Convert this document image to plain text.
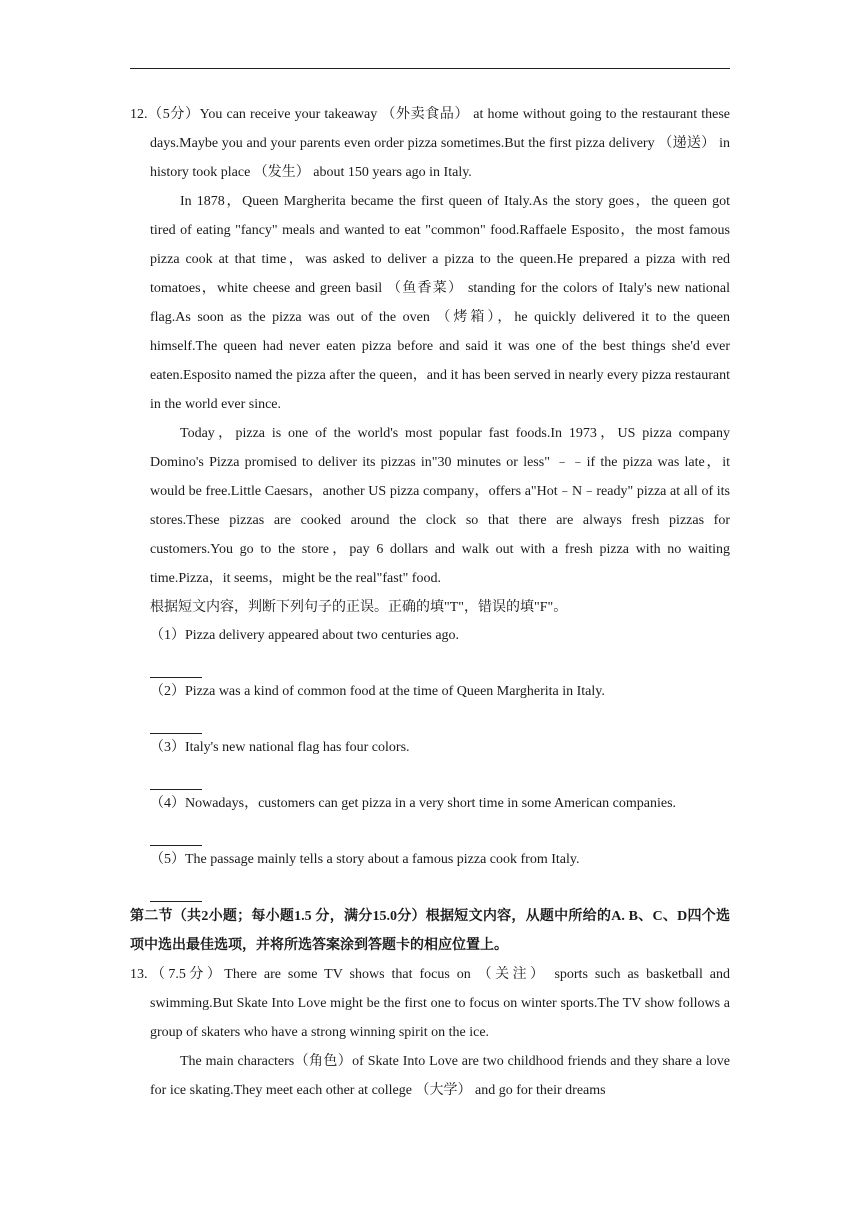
12.（5分）You can receive your takeaway （外卖食品） at home without going to the restaurant these days.Maybe you and your parents even order pizza sometimes.But the first pizza delivery （递送） in history took place （发生） about 150 years ago in Italy.

In 1878，Queen Margherita became the first queen of Italy.As the story goes，the queen got tired of eating "fancy" meals and wanted to eat "common" food.Raffaele Esposito，the most famous pizza cook at that time，was asked to deliver a pizza to the queen.He prepared a pizza with red tomatoes，white cheese and green basil （鱼香菜） standing for the colors of Italy's new national flag.As soon as the pizza was out of the oven （烤箱），he quickly delivered it to the queen himself.The queen had never eaten pizza before and said it was one of the best things she'd ever eaten.Esposito named the pizza after the queen，and it has been served in nearly every pizza restaurant in the world ever since.

Today，pizza is one of the world's most popular fast foods.In 1973，US pizza company Domino's Pizza promised to deliver its pizzas in"30 minutes or less" ﹣﹣if the pizza was late，it would be free.Little Caesars，another US pizza company，offers a"Hot﹣N﹣ready" pizza at all of its stores.These pizzas are cooked around the clock so that there are always fresh pizzas for customers.You go to the store，pay 6 dollars and walk out with a fresh pizza with no waiting time.Pizza，it seems，might be the real"fast" food.

根据短文内容，判断下列句子的正误。正确的填"T"，错误的填"F"。

（1）Pizza delivery appeared about two centuries ago.
（2）Pizza was a kind of common food at the time of Queen Margherita in Italy.
（3）Italy's new national flag has four colors.
（4）Nowadays，customers can get pizza in a very short time in some American companies.
（5）The passage mainly tells a story about a famous pizza cook from Italy.

第二节（共2小题；每小题1.5 分，满分15.0分）根据短文内容，从题中所给的A. B、C、D四个选项中选出最佳选项，并将所选答案涂到答题卡的相应位置上。

13.（7.5分）There are some TV shows that focus on （关注） sports such as basketball and swimming.But Skate Into Love might be the first one to focus on winter sports.The TV show follows a group of skaters who have a strong winning spirit on the ice.

The main characters（角色）of Skate Into Love are two childhood friends and they share a love for ice skating.They meet each other at college （大学） and go for their dreams
